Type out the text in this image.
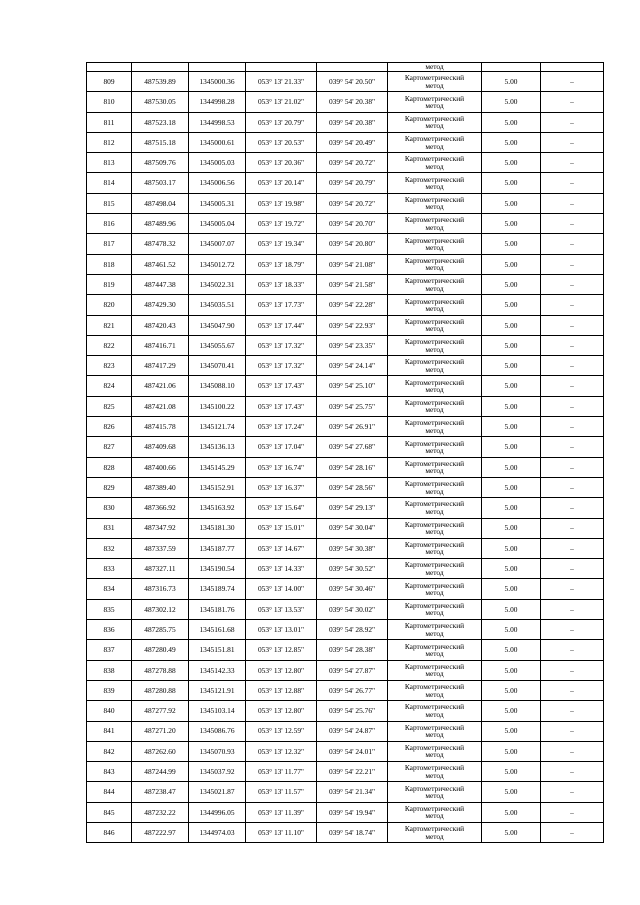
					метод		
809	487539.89	1345000.36	053° 13' 21.33"	039° 54' 20.50"	Картометрический
метод	5.00	–
810	487530.05	1344998.28	053° 13' 21.02"	039° 54' 20.38"	Картометрический
метод	5.00	–
811	487523.18	1344998.53	053° 13' 20.79"	039° 54' 20.38"	Картометрический
метод	5.00	–
812	487515.18	1345000.61	053° 13' 20.53"	039° 54' 20.49"	Картометрический
метод	5.00	–
813	487509.76	1345005.03	053° 13' 20.36"	039° 54' 20.72"	Картометрический
метод	5.00	–
814	487503.17	1345006.56	053° 13' 20.14"	039° 54' 20.79"	Картометрический
метод	5.00	–
815	487498.04	1345005.31	053° 13' 19.98"	039° 54' 20.72"	Картометрический
метод	5.00	–
816	487489.96	1345005.04	053° 13' 19.72"	039° 54' 20.70"	Картометрический
метод	5.00	–
817	487478.32	1345007.07	053° 13' 19.34"	039° 54' 20.80"	Картометрический
метод	5.00	–
818	487461.52	1345012.72	053° 13' 18.79"	039° 54' 21.08"	Картометрический
метод	5.00	–
819	487447.38	1345022.31	053° 13' 18.33"	039° 54' 21.58"	Картометрический
метод	5.00	–
820	487429.30	1345035.51	053° 13' 17.73"	039° 54' 22.28"	Картометрический
метод	5.00	–
821	487420.43	1345047.90	053° 13' 17.44"	039° 54' 22.93"	Картометрический
метод	5.00	–
822	487416.71	1345055.67	053° 13' 17.32"	039° 54' 23.35"	Картометрический
метод	5.00	–
823	487417.29	1345070.41	053° 13' 17.32"	039° 54' 24.14"	Картометрический
метод	5.00	–
824	487421.06	1345088.10	053° 13' 17.43"	039° 54' 25.10"	Картометрический
метод	5.00	–
825	487421.08	1345100.22	053° 13' 17.43"	039° 54' 25.75"	Картометрический
метод	5.00	–
826	487415.78	1345121.74	053° 13' 17.24"	039° 54' 26.91"	Картометрический
метод	5.00	–
827	487409.68	1345136.13	053° 13' 17.04"	039° 54' 27.68"	Картометрический
метод	5.00	–
828	487400.66	1345145.29	053° 13' 16.74"	039° 54' 28.16"	Картометрический
метод	5.00	–
829	487389.40	1345152.91	053° 13' 16.37"	039° 54' 28.56"	Картометрический
метод	5.00	–
830	487366.92	1345163.92	053° 13' 15.64"	039° 54' 29.13"	Картометрический
метод	5.00	–
831	487347.92	1345181.30	053° 13' 15.01"	039° 54' 30.04"	Картометрический
метод	5.00	–
832	487337.59	1345187.77	053° 13' 14.67"	039° 54' 30.38"	Картометрический
метод	5.00	–
833	487327.11	1345190.54	053° 13' 14.33"	039° 54' 30.52"	Картометрический
метод	5.00	–
834	487316.73	1345189.74	053° 13' 14.00"	039° 54' 30.46"	Картометрический
метод	5.00	–
835	487302.12	1345181.76	053° 13' 13.53"	039° 54' 30.02"	Картометрический
метод	5.00	–
836	487285.75	1345161.68	053° 13' 13.01"	039° 54' 28.92"	Картометрический
метод	5.00	–
837	487280.49	1345151.81	053° 13' 12.85"	039° 54' 28.38"	Картометрический
метод	5.00	–
838	487278.88	1345142.33	053° 13' 12.80"	039° 54' 27.87"	Картометрический
метод	5.00	–
839	487280.88	1345121.91	053° 13' 12.88"	039° 54' 26.77"	Картометрический
метод	5.00	–
840	487277.92	1345103.14	053° 13' 12.80"	039° 54' 25.76"	Картометрический
метод	5.00	–
841	487271.20	1345086.76	053° 13' 12.59"	039° 54' 24.87"	Картометрический
метод	5.00	–
842	487262.60	1345070.93	053° 13' 12.32"	039° 54' 24.01"	Картометрический
метод	5.00	–
843	487244.99	1345037.92	053° 13' 11.77"	039° 54' 22.21"	Картометрический
метод	5.00	–
844	487238.47	1345021.87	053° 13' 11.57"	039° 54' 21.34"	Картометрический
метод	5.00	–
845	487232.22	1344996.05	053° 13' 11.39"	039° 54' 19.94"	Картометрический
метод	5.00	–
846	487222.97	1344974.03	053° 13' 11.10"	039° 54' 18.74"	Картометрический
метод	5.00	–
